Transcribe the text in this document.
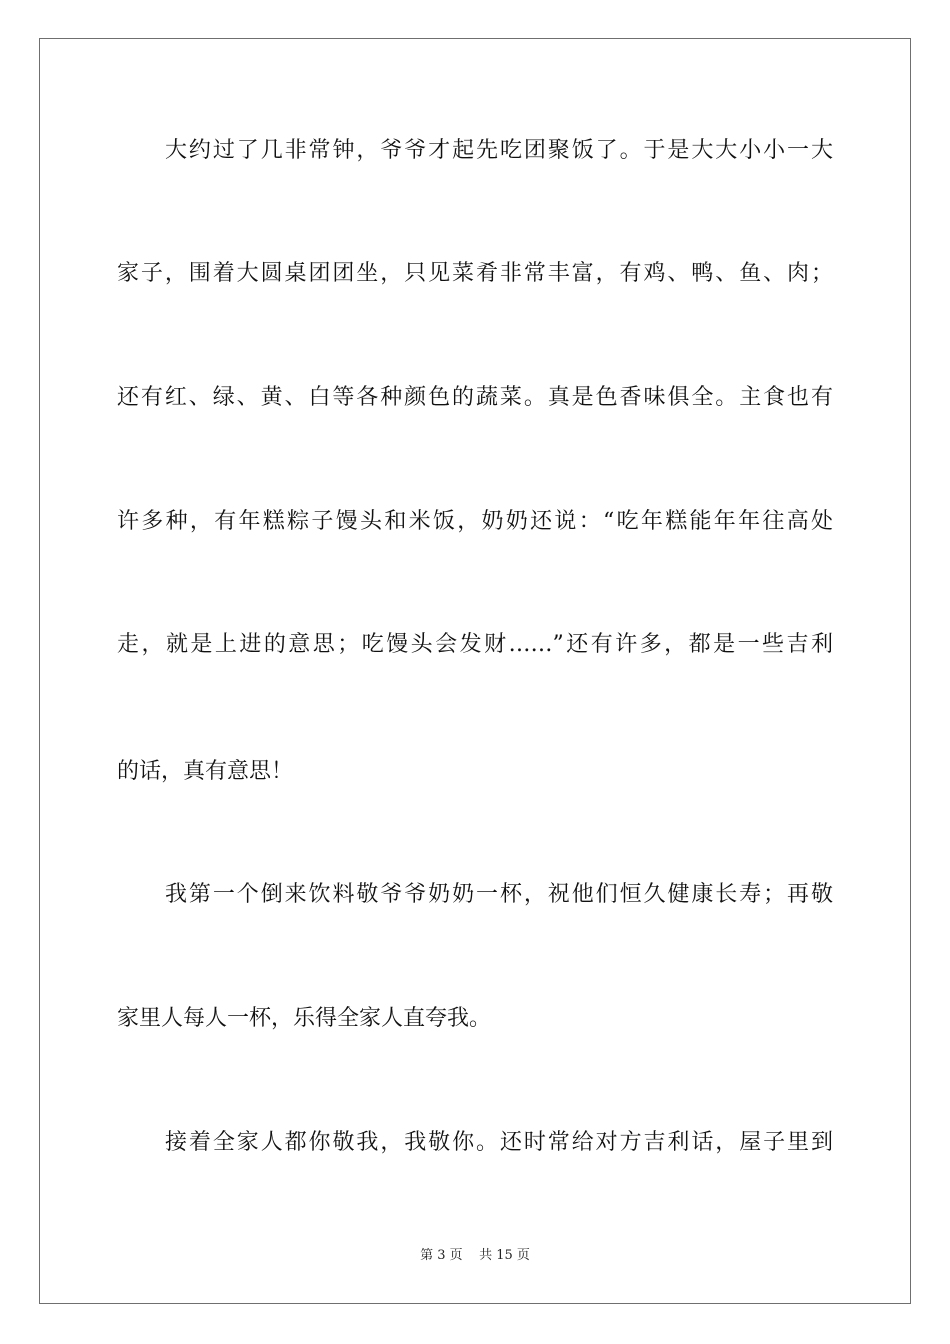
大约过了几非常钟，爷爷才起先吃团聚饭了。于是大大小小一大
家子，围着大圆桌团团坐，只见菜肴非常丰富，有鸡、鸭、鱼、肉；
还有红、绿、黄、白等各种颜色的蔬菜。真是色香味俱全。主食也有
许多种，有年糕粽子馒头和米饭，奶奶还说：“吃年糕能年年往高处
走，就是上进的意思；吃馒头会发财……”还有许多，都是一些吉利
的话，真有意思！
我第一个倒来饮料敬爷爷奶奶一杯，祝他们恒久健康长寿；再敬
家里人每人一杯，乐得全家人直夸我。
接着全家人都你敬我，我敬你。还时常给对方吉利话，屋子里到
第 3 页    共 15 页
